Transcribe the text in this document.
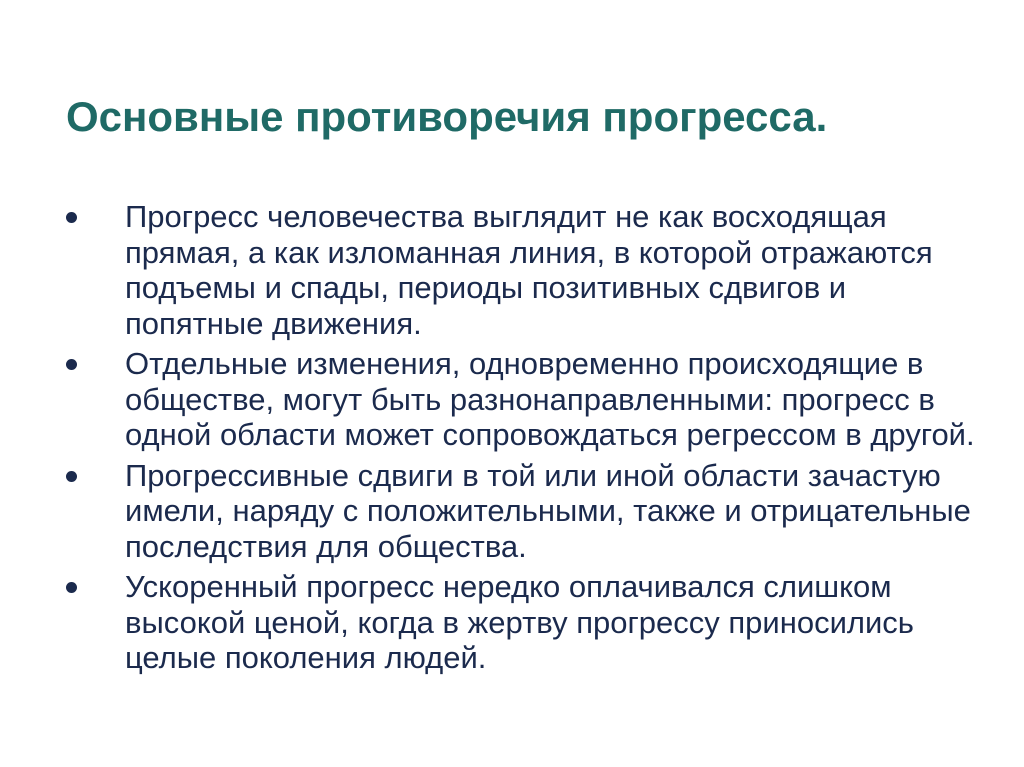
Основные противоречия прогресса.
Прогресс человечества выглядит не как восходящая прямая, а как изломанная линия, в которой отражаются подъемы и спады, периоды позитивных сдвигов и попятные движения.
Отдельные изменения, одновременно происходящие в обществе, могут быть разнонаправленными: прогресс в одной области может сопровождаться регрессом в другой.
Прогрессивные сдвиги в той или иной области зачастую имели, наряду с положительными, также и отрицательные последствия для общества.
Ускоренный прогресс нередко оплачивался слишком высокой ценой, когда в жертву прогрессу приносились целые поколения людей.
